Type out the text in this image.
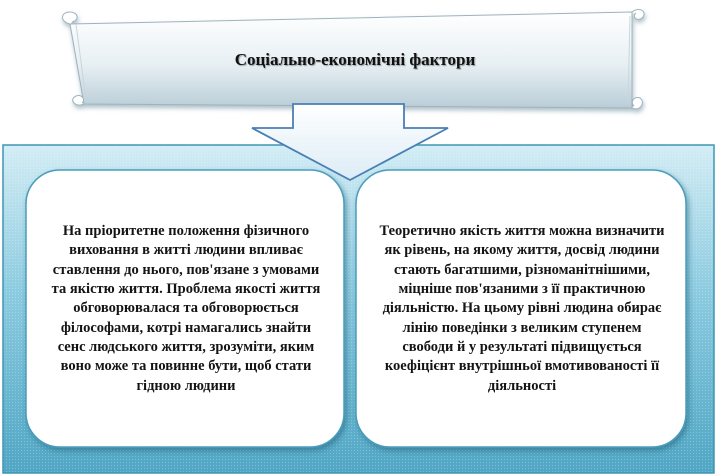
Соціально-економічні фактори
На пріоритетне положення фізичного виховання в житті людини впливає ставлення до нього, пов'язане з умовами та якістю життя. Проблема якості життя обговорювалася та обговорюється філософами, котрі намагались знайти сенс людського життя, зрозуміти, яким воно може та повинне бути, щоб стати гідною людини
Теоретично якість життя можна визначити як рівень, на якому життя, досвід людини стають багатшими, різноманітнішими, міцніше пов'язаними з її практичною діяльністю. На цьому рівні людина обирає лінію поведінки з великим ступенем свободи й у результаті підвищується коефіцієнт внутрішньої вмотивованості її діяльності
